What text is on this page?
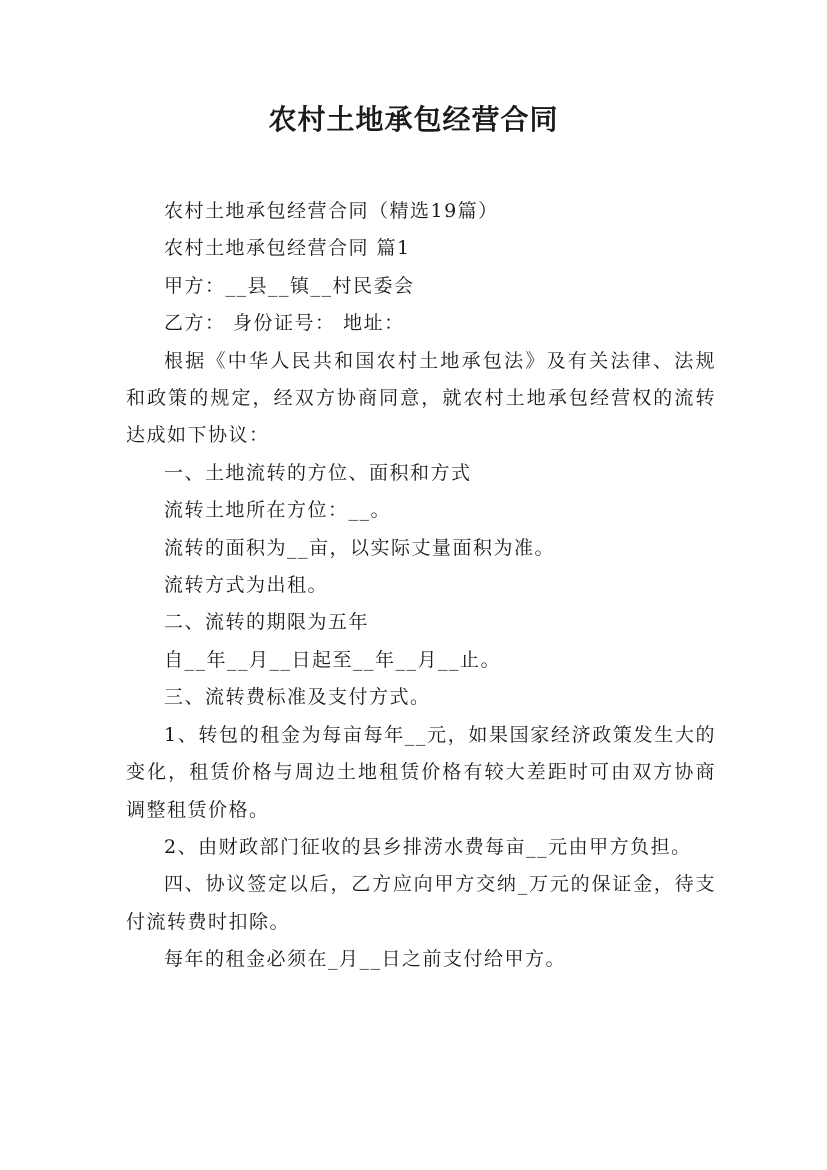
农村土地承包经营合同

农村土地承包经营合同（精选19篇）

农村土地承包经营合同 篇1

甲方：__县__镇__村民委会

乙方： 身份证号： 地址：

根据《中华人民共和国农村土地承包法》及有关法律、法规和政策的规定，经双方协商同意，就农村土地承包经营权的流转达成如下协议：

一、土地流转的方位、面积和方式

流转土地所在方位：__。

流转的面积为__亩，以实际丈量面积为准。

流转方式为出租。

二、流转的期限为五年

自__年__月__日起至__年__月__止。

三、流转费标准及支付方式。

1、转包的租金为每亩每年__元，如果国家经济政策发生大的变化，租赁价格与周边土地租赁价格有较大差距时可由双方协商调整租赁价格。

2、由财政部门征收的县乡排涝水费每亩__元由甲方负担。

四、协议签定以后，乙方应向甲方交纳_万元的保证金，待支付流转费时扣除。

每年的租金必须在_月__日之前支付给甲方。
